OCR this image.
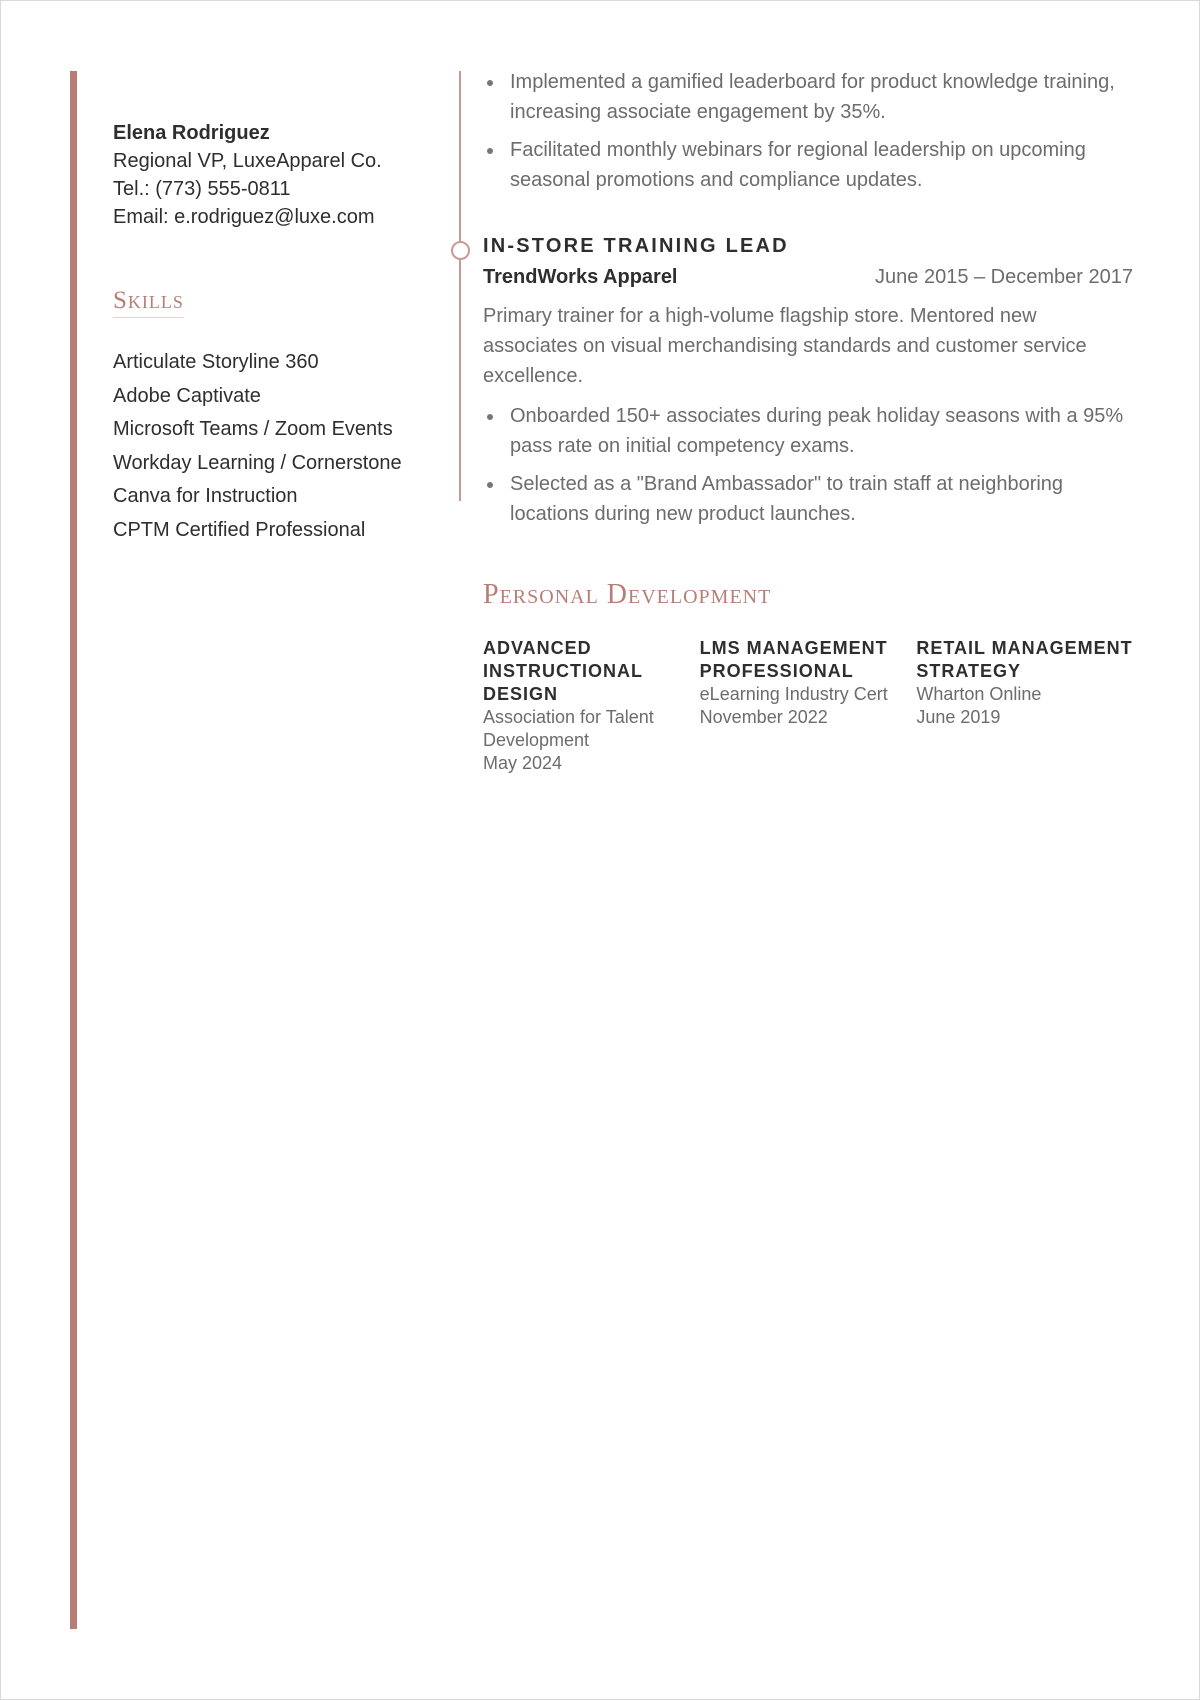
Elena Rodriguez
Regional VP, LuxeApparel Co.
Tel.: (773) 555-0811
Email: e.rodriguez@luxe.com
Skills
Articulate Storyline 360
Adobe Captivate
Microsoft Teams / Zoom Events
Workday Learning / Cornerstone
Canva for Instruction
CPTM Certified Professional
Implemented a gamified leaderboard for product knowledge training, increasing associate engagement by 35%.
Facilitated monthly webinars for regional leadership on upcoming seasonal promotions and compliance updates.
IN-STORE TRAINING LEAD
TrendWorks Apparel	June 2015 – December 2017
Primary trainer for a high-volume flagship store. Mentored new associates on visual merchandising standards and customer service excellence.
Onboarded 150+ associates during peak holiday seasons with a 95% pass rate on initial competency exams.
Selected as a "Brand Ambassador" to train staff at neighboring locations during new product launches.
Personal Development
ADVANCED INSTRUCTIONAL DESIGN
Association for Talent Development
May 2024
LMS MANAGEMENT PROFESSIONAL
eLearning Industry Cert
November 2022
RETAIL MANAGEMENT STRATEGY
Wharton Online
June 2019
